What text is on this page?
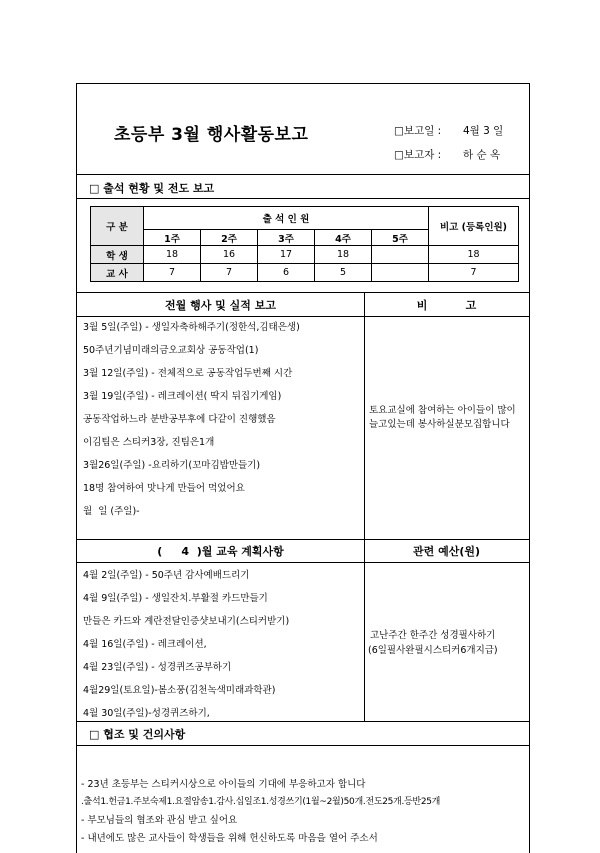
초등부 3월 행사활동보고	□보고일 : 4월 3 일
□보고자 : 하 순 옥
□ 출석 현황 및 전도 보고
구 분	출 석 인 원					비고 (등록인원)
	1주	2주	3주	4주	5주	
학 생	18	16	17	18		18
교 사	7	7	6	5		7
전월 행사 및 실적 보고	비          고
3월 5일(주일) - 생일자축하해주기(정한석,김태은생)
50주년기념미래의금오교회상 공동작업(1)
3월 12일(주일) - 전체적으로 공동작업두번째 시간
3월 19일(주일) - 레크레이션( 딱지 뒤집기게임)
공동작업하느라 분반공부후에 다같이 진행했음
이김팀은 스티커3장, 진팀은1개
3월26일(주일) -요리하기(꼬마김밥만들기)
18명 참여하여 맛나게 만들어 먹었어요
월  일 (주일)-
토요교실에 참여하는 아이들이 많이 늘고있는데 봉사하실분모집합니다
(     4  )월 교육 계획사항	관련 예산(원)
4월 2일(주일) - 50주년 감사예배드리기
4월 9일(주일) - 생일잔치.부활절 카드만들기
만들은 카드와 계란전달인증샷보내기(스티커받기)
4월 16일(주일) - 레크레이션,
4월 23일(주일) - 성경퀴즈공부하기
4월29일(토요일)-봄소풍(김천녹색미래과학관)
4월 30일(주일)-성경퀴즈하기,
고난주간 한주간 성경필사하기
(6일필사완필시스티커6개지급)
□ 협조 및 건의사항
- 23년 초등부는 스티커시상으로 아이들의 기대에 부응하고자 합니다
.출석1.헌금1.주보숙제1.요절암송1.감사.십일조1.성경쓰기(1월~2월)50개.전도25개.등반25개
- 부모님들의 협조와 관심 받고 싶어요
- 내년에도 많은 교사들이 학생들을 위해 헌신하도록 마음을 열어 주소서
